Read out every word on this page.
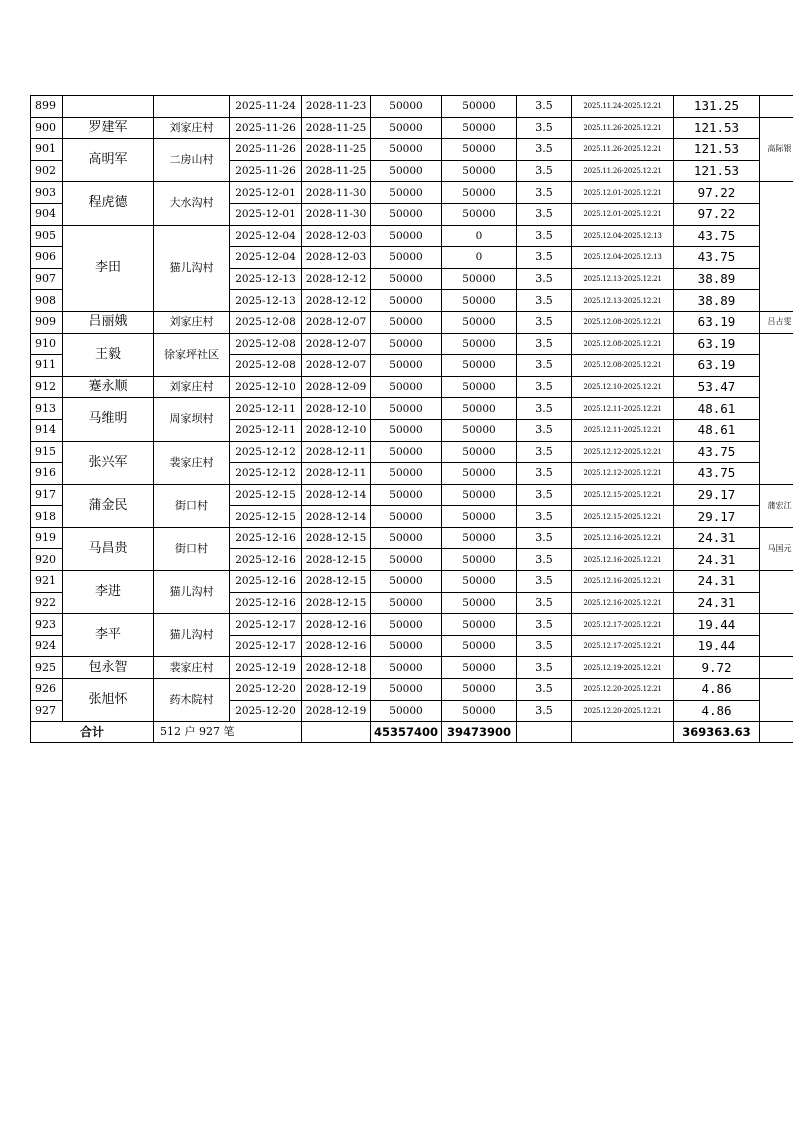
899			2025-11-24	2028-11-23	50000	50000	3.5	2025.11.24-2025.12.21	131.25	
900	罗建军	刘家庄村	2025-11-26	2028-11-25	50000	50000	3.5	2025.11.26-2025.12.21	121.53	高际银
901	高明军	二房山村	2025-11-26	2028-11-25	50000	50000	3.5	2025.11.26-2025.12.21	121.53	
902			2025-11-26	2028-11-25	50000	50000	3.5	2025.11.26-2025.12.21	121.53	
903	程虎德	大水沟村	2025-12-01	2028-11-30	50000	50000	3.5	2025.12.01-2025.12.21	97.22	
904			2025-12-01	2028-11-30	50000	50000	3.5	2025.12.01-2025.12.21	97.22	
905	李田	猫儿沟村	2025-12-04	2028-12-03	50000	0	3.5	2025.12.04-2025.12.13	43.75	
906			2025-12-04	2028-12-03	50000	0	3.5	2025.12.04-2025.12.13	43.75	
907			2025-12-13	2028-12-12	50000	50000	3.5	2025.12.13-2025.12.21	38.89	
908			2025-12-13	2028-12-12	50000	50000	3.5	2025.12.13-2025.12.21	38.89	
909	吕丽娥	刘家庄村	2025-12-08	2028-12-07	50000	50000	3.5	2025.12.08-2025.12.21	63.19	吕占雯
910	王毅	徐家坪社区	2025-12-08	2028-12-07	50000	50000	3.5	2025.12.08-2025.12.21	63.19	
911			2025-12-08	2028-12-07	50000	50000	3.5	2025.12.08-2025.12.21	63.19	
912	蹇永顺	刘家庄村	2025-12-10	2028-12-09	50000	50000	3.5	2025.12.10-2025.12.21	53.47	
913	马维明	周家坝村	2025-12-11	2028-12-10	50000	50000	3.5	2025.12.11-2025.12.21	48.61	
914			2025-12-11	2028-12-10	50000	50000	3.5	2025.12.11-2025.12.21	48.61	
915	张兴军	裴家庄村	2025-12-12	2028-12-11	50000	50000	3.5	2025.12.12-2025.12.21	43.75	
916			2025-12-12	2028-12-11	50000	50000	3.5	2025.12.12-2025.12.21	43.75	
917	蒲金民	街口村	2025-12-15	2028-12-14	50000	50000	3.5	2025.12.15-2025.12.21	29.17	蒲宏江
918			2025-12-15	2028-12-14	50000	50000	3.5	2025.12.15-2025.12.21	29.17	
919	马昌贵	街口村	2025-12-16	2028-12-15	50000	50000	3.5	2025.12.16-2025.12.21	24.31	马国元
920			2025-12-16	2028-12-15	50000	50000	3.5	2025.12.16-2025.12.21	24.31	
921	李进	猫儿沟村	2025-12-16	2028-12-15	50000	50000	3.5	2025.12.16-2025.12.21	24.31	
922			2025-12-16	2028-12-15	50000	50000	3.5	2025.12.16-2025.12.21	24.31	
923	李平	猫儿沟村	2025-12-17	2028-12-16	50000	50000	3.5	2025.12.17-2025.12.21	19.44	
924			2025-12-17	2028-12-16	50000	50000	3.5	2025.12.17-2025.12.21	19.44	
925	包永智	裴家庄村	2025-12-19	2028-12-18	50000	50000	3.5	2025.12.19-2025.12.21	9.72	
926	张旭怀	药木院村	2025-12-20	2028-12-19	50000	50000	3.5	2025.12.20-2025.12.21	4.86	
927			2025-12-20	2028-12-19	50000	50000	3.5	2025.12.20-2025.12.21	4.86	
合计		512 户 927 笔			45357400	39473900			369363.63	
